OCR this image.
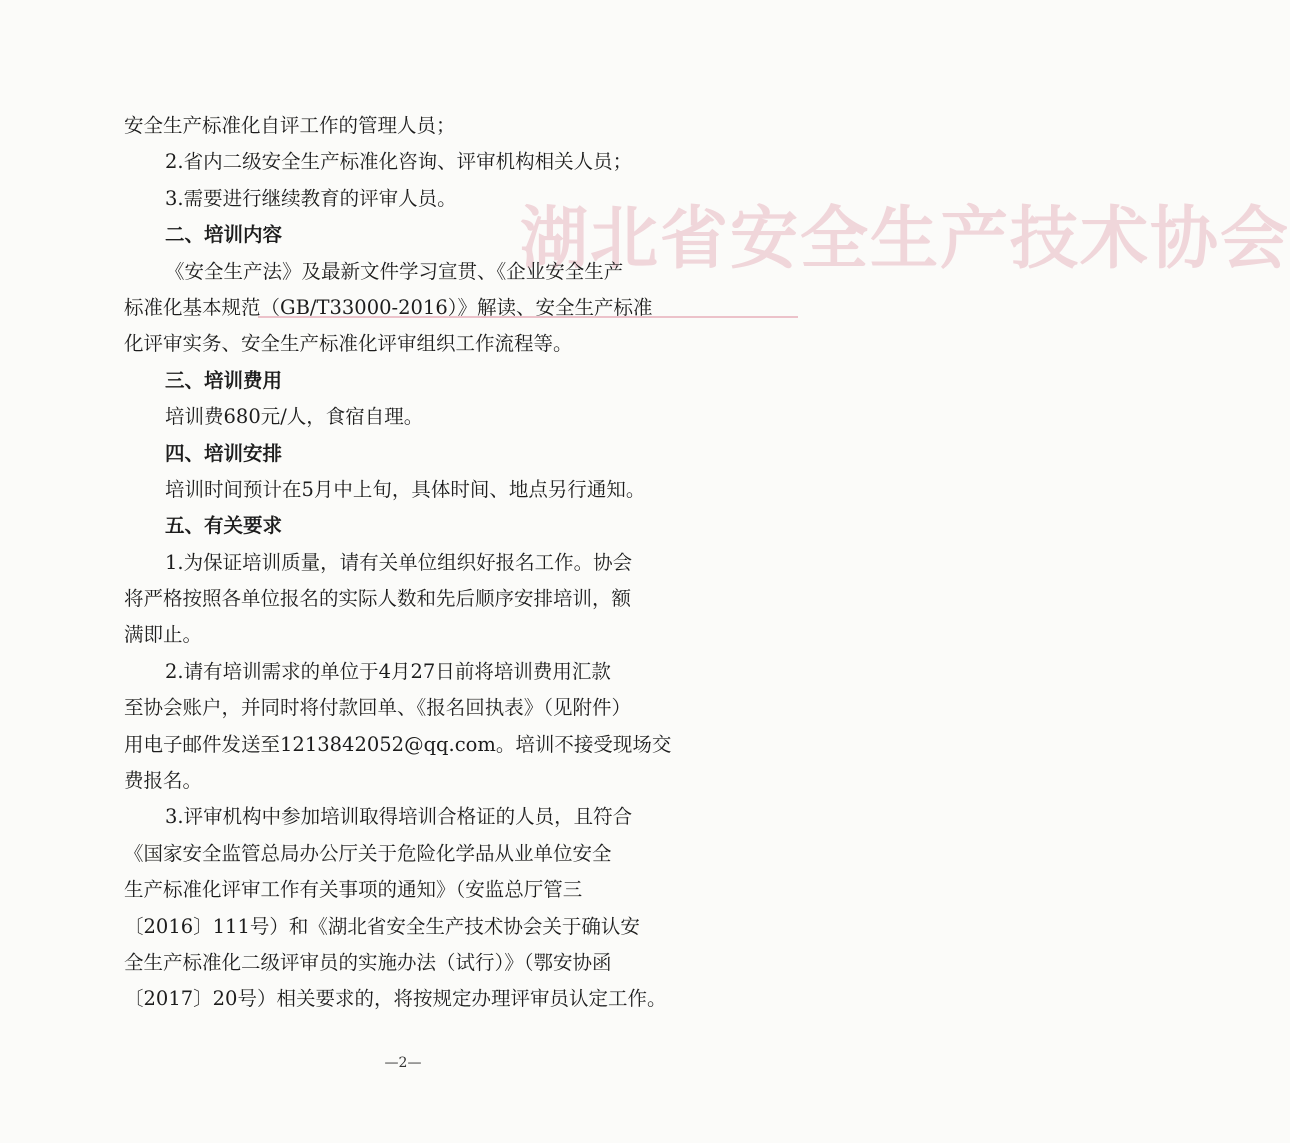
湖北省安全生产技术协会
安全生产标准化自评工作的管理人员；
2.省内二级安全生产标准化咨询、评审机构相关人员；
3.需要进行继续教育的评审人员。
二、培训内容
《安全生产法》及最新文件学习宣贯、《企业安全生产
标准化基本规范（GB/T33000-2016）》解读、安全生产标准
化评审实务、安全生产标准化评审组织工作流程等。
三、培训费用
培训费680元/人，食宿自理。
四、培训安排
培训时间预计在5月中上旬，具体时间、地点另行通知。
五、有关要求
1.为保证培训质量，请有关单位组织好报名工作。协会
将严格按照各单位报名的实际人数和先后顺序安排培训，额
满即止。
2.请有培训需求的单位于4月27日前将培训费用汇款
至协会账户，并同时将付款回单、《报名回执表》（见附件）
用电子邮件发送至1213842052@qq.com。培训不接受现场交
费报名。
3.评审机构中参加培训取得培训合格证的人员，且符合
《国家安全监管总局办公厅关于危险化学品从业单位安全
生产标准化评审工作有关事项的通知》（安监总厅管三
〔2016〕111号）和《湖北省安全生产技术协会关于确认安
全生产标准化二级评审员的实施办法（试行）》（鄂安协函
〔2017〕20号）相关要求的，将按规定办理评审员认定工作。
—2—
